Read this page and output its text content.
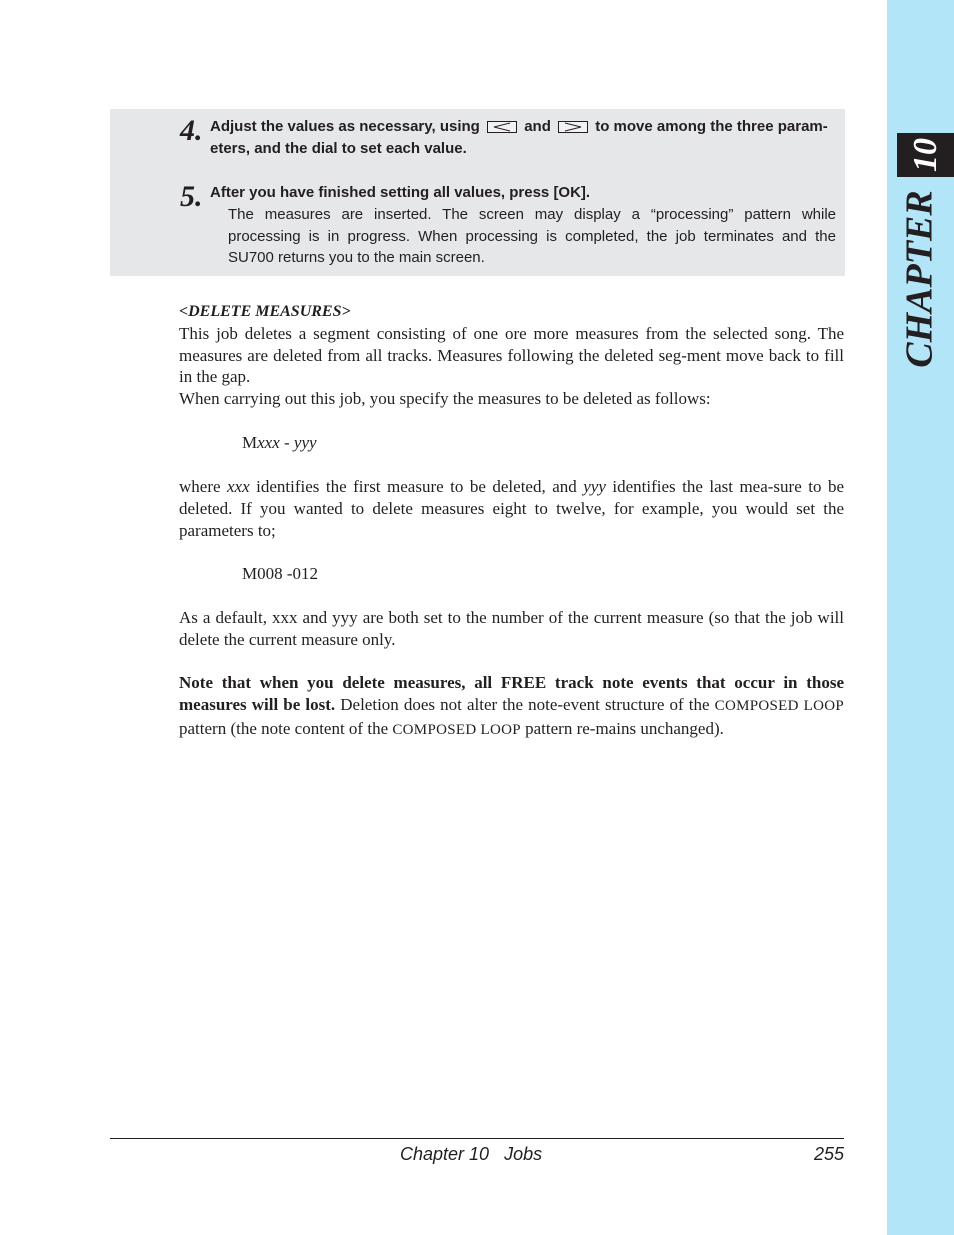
10
CHAPTER
4. Adjust the values as necessary, using	and	to move among the three param-
eters, and the dial to set each value.
5. After you have finished setting all values, press [OK].
The measures are inserted. The screen may display a “processing” pattern while processing is in progress. When processing is completed, the job terminates and the SU700 returns you to the main screen.

<DELETE MEASURES>

This job deletes a segment consisting of one ore more measures from the selected song. The measures are deleted from all tracks. Measures following the deleted seg-ment move back to fill in the gap.

When carrying out this job, you specify the measures to be deleted as follows:

Mxxx - yyy

where xxx identifies the first measure to be deleted, and yyy identifies the last mea-sure to be deleted. If you wanted to delete measures eight to twelve, for example, you would set the parameters to;

M008 -012

As a default, xxx and yyy are both set to the number of the current measure (so that the job will delete the current measure only.

Note that when you delete measures, all FREE track note events that occur in those measures will be lost. Deletion does not alter the note-event structure of the COMPOSED LOOP pattern (the note content of the COMPOSED LOOP pattern re-mains unchanged).

Chapter 10   Jobs	255
